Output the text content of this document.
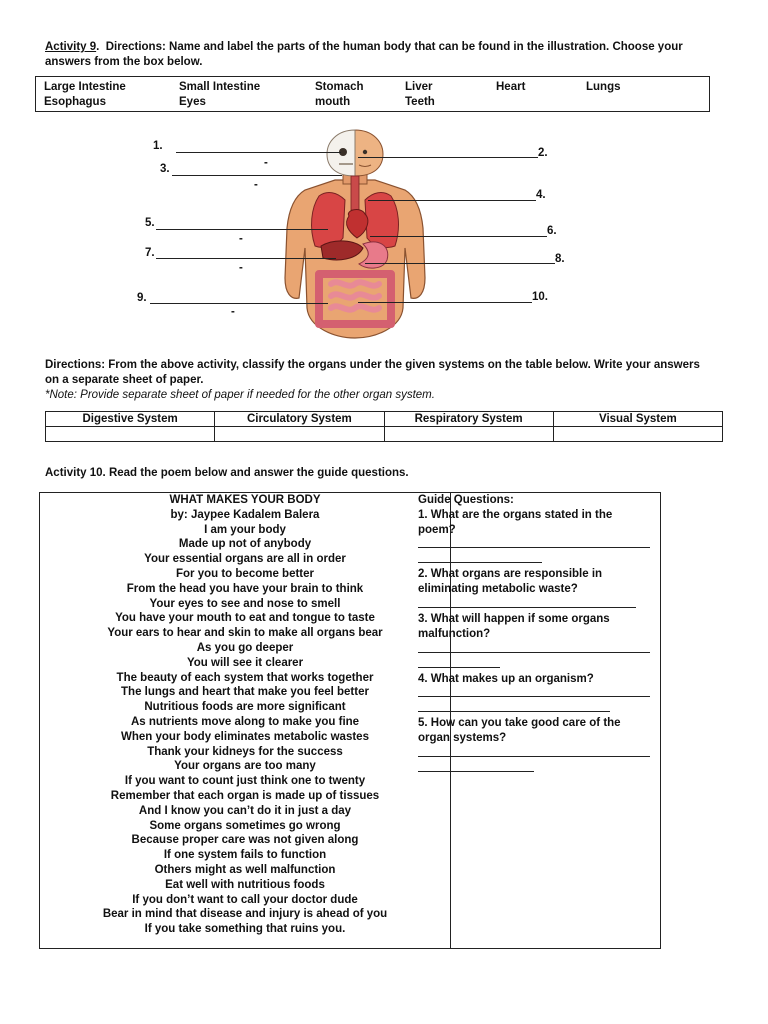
Activity 9.  Directions: Name and label the parts of the human body that can be found in the illustration. Choose your
answers from the box below.
Large Intestine	Small Intestine	Stomach	Liver	Heart	Lungs
Esophagus	Eyes	mouth	Teeth
1.
2.
3.	-
-
4.
5.
-
6.
7.
-
8.
9.
-
10.
Directions: From the above activity, classify the organs under the given systems on the table below. Write your answers
on a separate sheet of paper.
*Note: Provide separate sheet of paper if needed for the other organ system.
Digestive System	Circulatory System	Respiratory System	Visual System

Activity 10. Read the poem below and answer the guide questions.
WHAT MAKES YOUR BODY
by: Jaypee Kadalem Balera
I am your body
Made up not of anybody
Your essential organs are all in order
For you to become better
From the head you have your brain to think
Your eyes to see and nose to smell
You have your mouth to eat and tongue to taste
Your ears to hear and skin to make all organs bear
As you go deeper
You will see it clearer
The beauty of each system that works together
The lungs and heart that make you feel better
Nutritious foods are more significant
As nutrients move along to make you fine
When your body eliminates metabolic wastes
Thank your kidneys for the success
Your organs are too many
If you want to count just think one to twenty
Remember that each organ is made up of tissues
And I know you can’t do it in just a day
Some organs sometimes go wrong
Because proper care was not given along
If one system fails to function
Others might as well malfunction
Eat well with nutritious foods
If you don’t want to call your doctor dude
Bear in mind that disease and injury is ahead of you
If you take something that ruins you.
Guide Questions:
1. What are the organs stated in the
poem?
2. What organs are responsible in
eliminating metabolic waste?
3. What will happen if some organs
malfunction?
4. What makes up an organism?
5. How can you take good care of the
organ systems?
